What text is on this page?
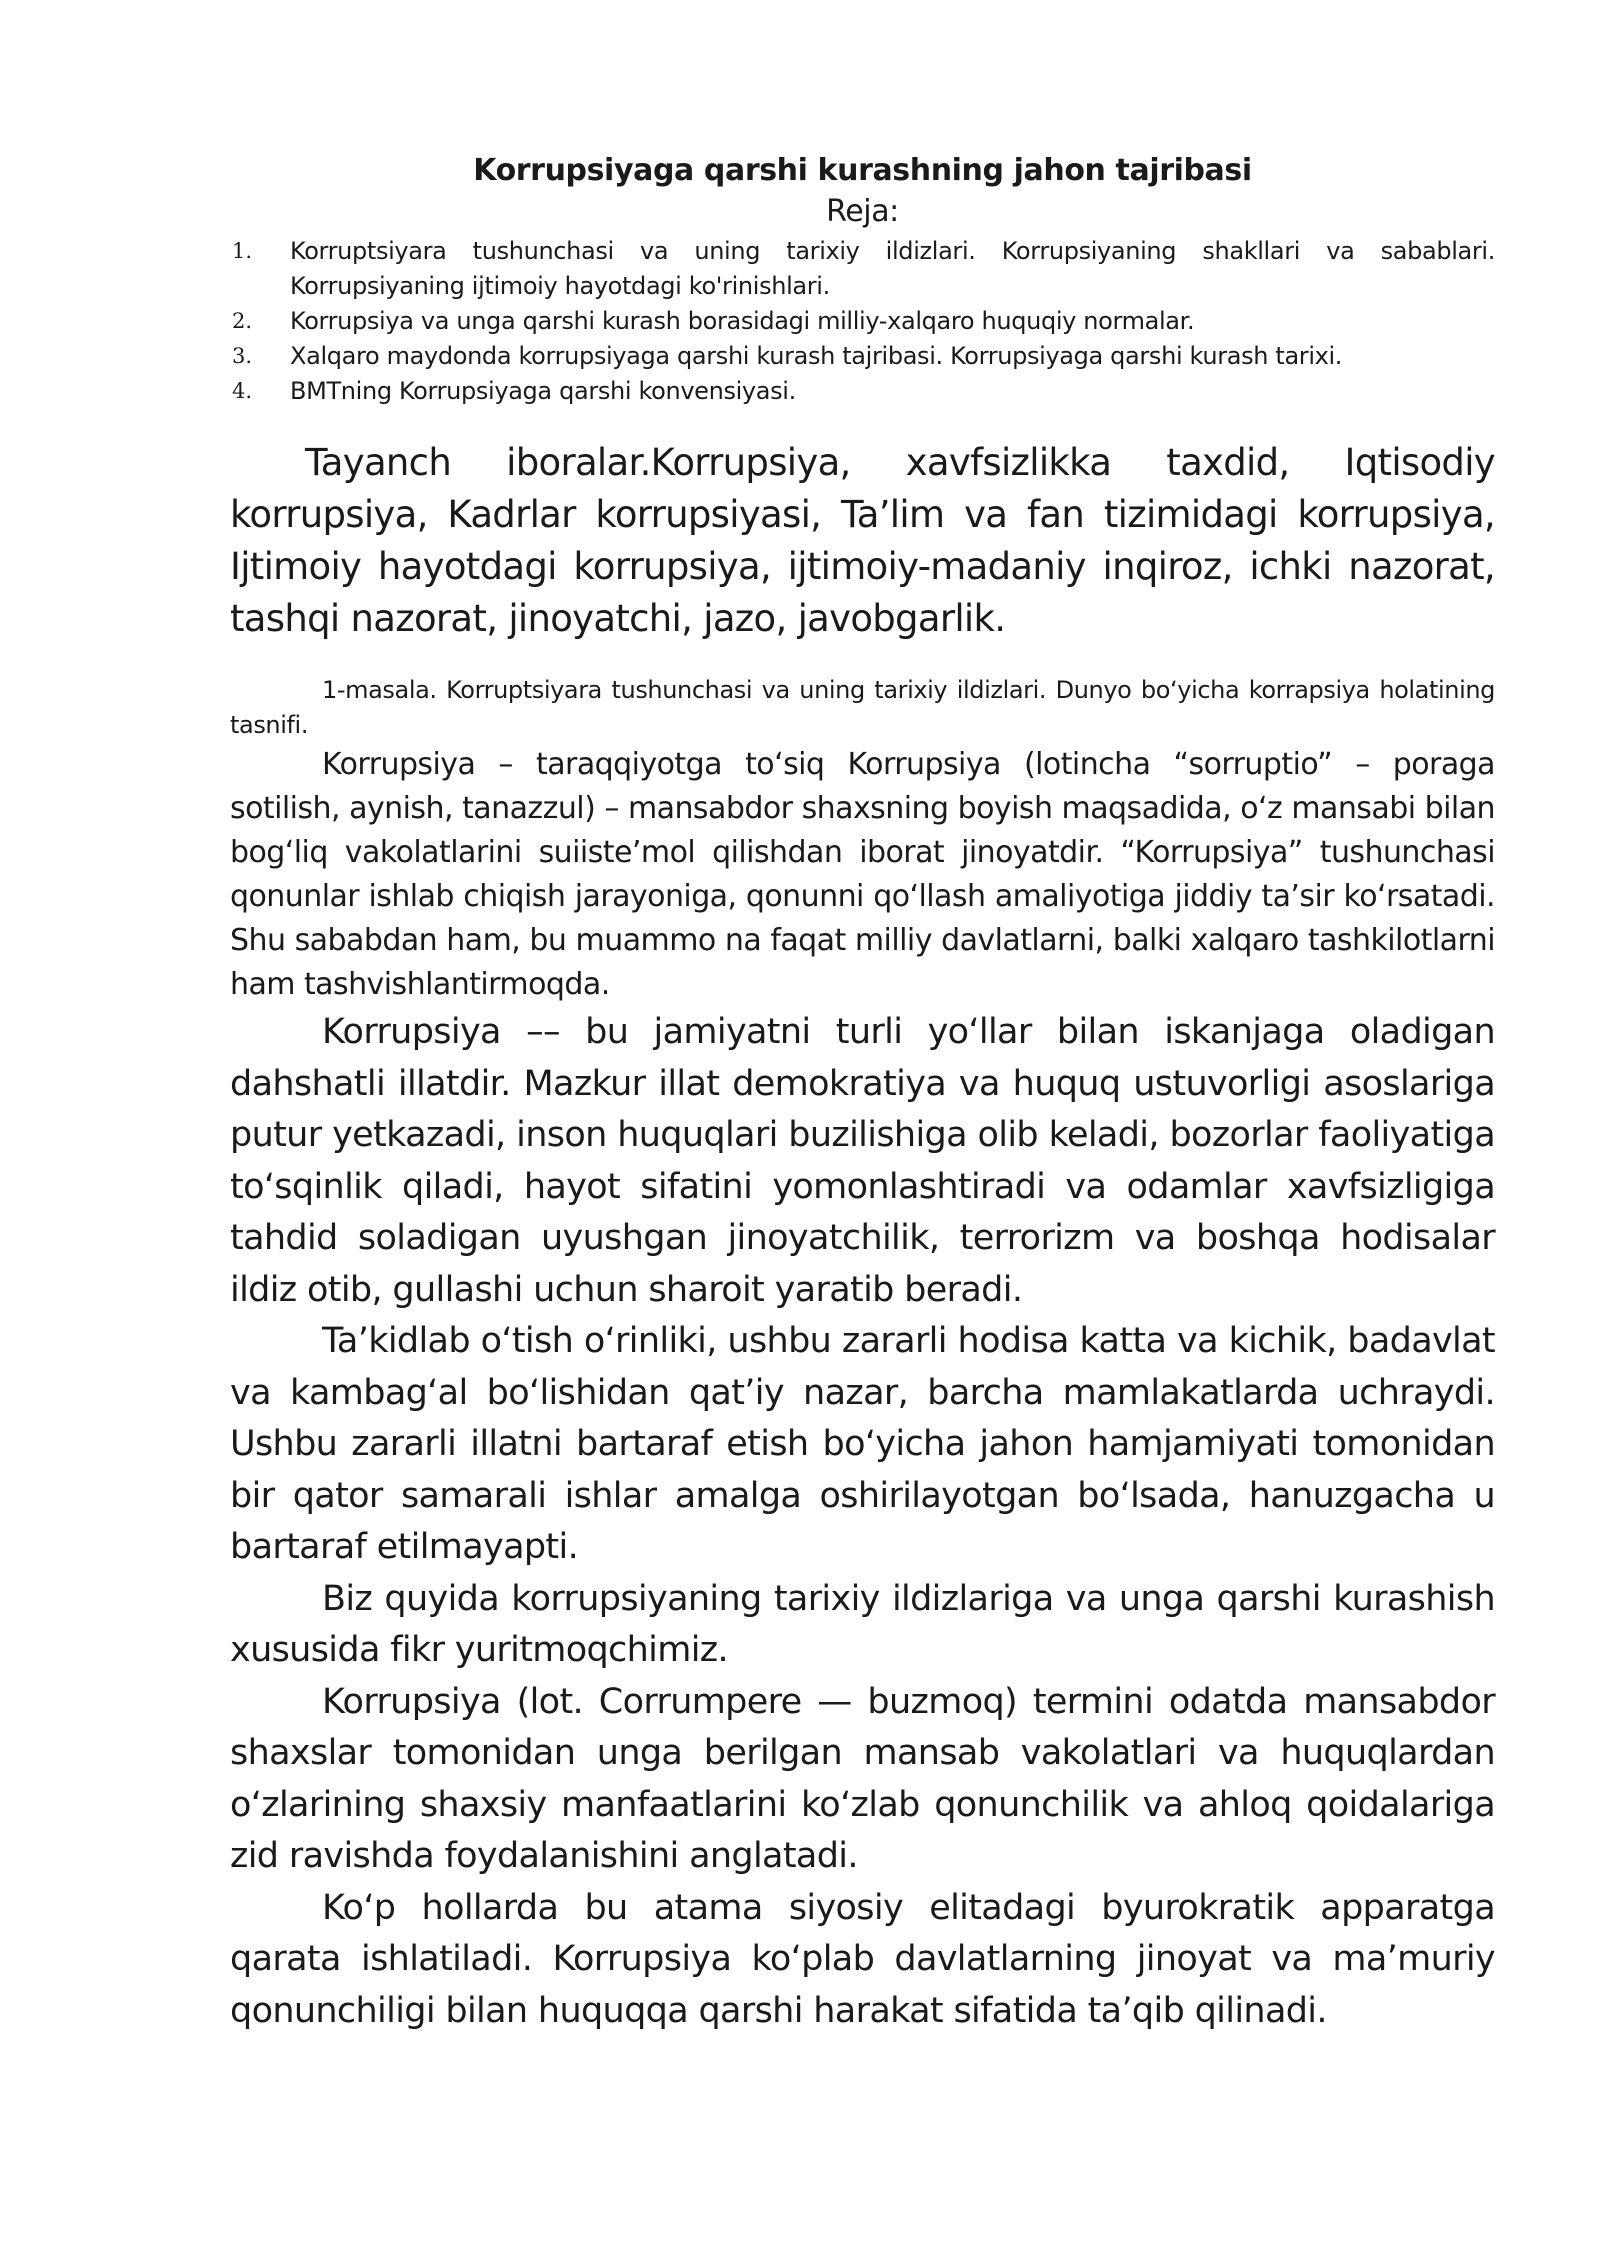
Korrupsiyaga qarshi kurashning jahon tajribasi
Reja:
1.	Korruptsiyara tushunchasi va uning tarixiy ildizlari. Korrupsiyaning shakllari va sabablari. Korrupsiyaning ijtimoiy hayotdagi ko'rinishlari.
2.	Korrupsiya va unga qarshi kurash borasidagi milliy-xalqaro huquqiy normalar.
3.	Xalqaro maydonda korrupsiyaga qarshi kurash tajribasi. Korrupsiyaga qarshi kurash tarixi.
4.	BMTning Korrupsiyaga qarshi konvensiyasi.

Tayanch iboralar.Korrupsiya, xavfsizlikka taxdid, Iqtisodiy korrupsiya, Kadrlar korrupsiyasi, Ta’lim va fan tizimidagi korrupsiya, Ijtimoiy hayotdagi korrupsiya, ijtimoiy-madaniy inqiroz, ichki nazorat, tashqi nazorat, jinoyatchi, jazo, javobgarlik.

1-masala. Korruptsiyara tushunchasi va uning tarixiy ildizlari. Dunyo bo‘yicha korrapsiya holatining tasnifi.

Korrupsiya – taraqqiyotga to‘siq Korrupsiya (lotincha “sorruptio” – poraga sotilish, aynish, tanazzul) – mansabdor shaxsning boyish maqsadida, o‘z mansabi bilan bog‘liq vakolatlarini suiiste’mol qilishdan iborat jinoyatdir. “Korrupsiya” tushunchasi qonunlar ishlab chiqish jarayoniga, qonunni qo‘llash amaliyotiga jiddiy ta’sir ko‘rsatadi. Shu sababdan ham, bu muammo na faqat milliy davlatlarni, balki xalqaro tashkilotlarni ham tashvishlantirmoqda.

Korrupsiya –– bu jamiyatni turli yo‘llar bilan iskanjaga oladigan dahshatli illatdir. Mazkur illat demokratiya va huquq ustuvorligi asoslariga putur yetkazadi, inson huquqlari buzilishiga olib keladi, bozorlar faoliyatiga to‘sqinlik qiladi, hayot sifatini yomonlashtiradi va odamlar xavfsizligiga tahdid soladigan uyushgan jinoyatchilik, terrorizm va boshqa hodisalar ildiz otib, gullashi uchun sharoit yaratib beradi.

Ta’kidlab o‘tish o‘rinliki, ushbu zararli hodisa katta va kichik, badavlat va kambag‘al bo‘lishidan qat’iy nazar, barcha mamlakatlarda uchraydi. Ushbu zararli illatni bartaraf etish bo‘yicha jahon hamjamiyati tomonidan bir qator samarali ishlar amalga oshirilayotgan bo‘lsada, hanuzgacha u bartaraf etilmayapti.

Biz quyida korrupsiyaning tarixiy ildizlariga va unga qarshi kurashish xususida fikr yuritmoqchimiz.

Korrupsiya (lot. Corrumpere — buzmoq) termini odatda mansabdor shaxslar tomonidan unga berilgan mansab vakolatlari va huquqlardan o‘zlarining shaxsiy manfaatlarini ko‘zlab qonunchilik va ahloq qoidalariga zid ravishda foydalanishini anglatadi.

Ko‘p hollarda bu atama siyosiy elitadagi byurokratik apparatga qarata ishlatiladi. Korrupsiya ko‘plab davlatlarning jinoyat va ma’muriy qonunchiligi bilan huquqqa qarshi harakat sifatida ta’qib qilinadi.
